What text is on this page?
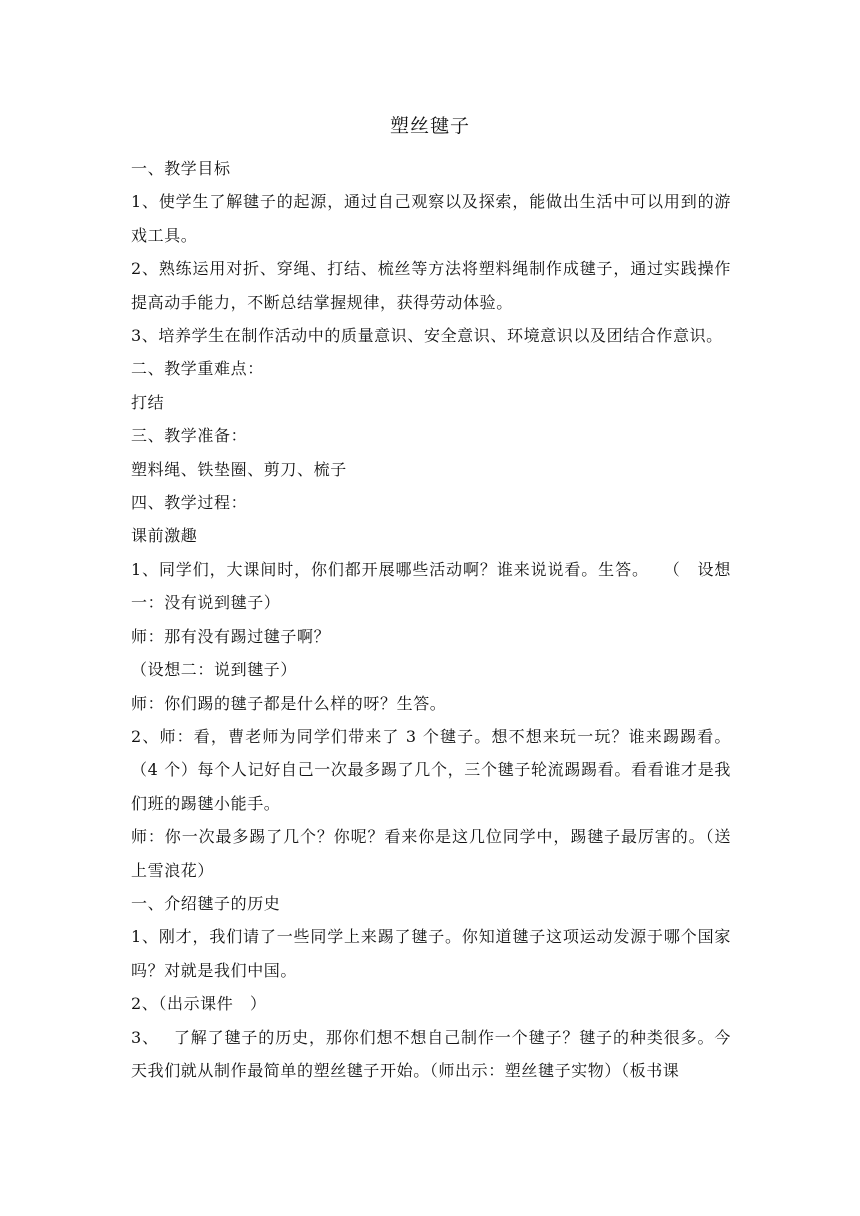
塑丝毽子

一、教学目标

1、使学生了解毽子的起源，通过自己观察以及探索，能做出生活中可以用到的游戏工具。

2、熟练运用对折、穿绳、打结、梳丝等方法将塑料绳制作成毽子，通过实践操作提高动手能力，不断总结掌握规律，获得劳动体验。

3、培养学生在制作活动中的质量意识、安全意识、环境意识以及团结合作意识。

二、教学重难点：

打结

三、教学准备：

塑料绳、铁垫圈、剪刀、梳子

四、教学过程：

课前激趣

1、同学们，大课间时，你们都开展哪些活动啊？谁来说说看。生答。　 （　设想一：没有说到毽子）

师：那有没有踢过毽子啊？

（设想二：说到毽子）

师：你们踢的毽子都是什么样的呀？生答。

2、师：看，曹老师为同学们带来了 3 个毽子。想不想来玩一玩？谁来踢踢看。（4 个）每个人记好自己一次最多踢了几个，三个毽子轮流踢踢看。看看谁才是我们班的踢毽小能手。

师：你一次最多踢了几个？你呢？看来你是这几位同学中，踢毽子最厉害的。（送上雪浪花）

一、介绍毽子的历史

1、刚才，我们请了一些同学上来踢了毽子。你知道毽子这项运动发源于哪个国家吗？对就是我们中国。

2、（出示课件　）

3、　 了解了毽子的历史，那你们想不想自己制作一个毽子？毽子的种类很多。今天我们就从制作最简单的塑丝毽子开始。（师出示：塑丝毽子实物）（板书课
